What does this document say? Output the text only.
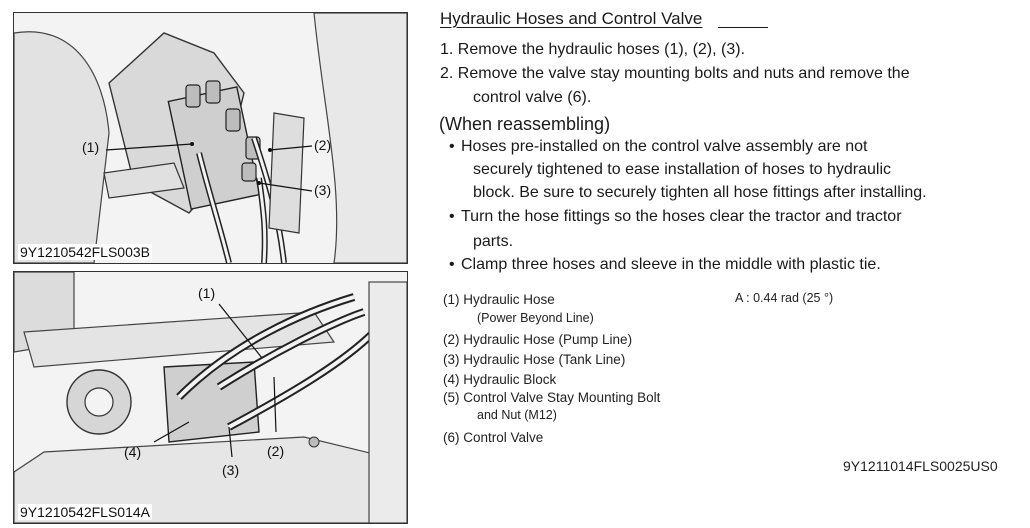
(1)	(2)
(3)
9Y1210542FLS003B
(1)
(2)
(3)
(4)
9Y1210542FLS014A
Hydraulic Hoses and Control Valve
1. Remove the hydraulic hoses (1), (2), (3).
2. Remove the valve stay mounting bolts and nuts and remove the
control valve (6).
(When reassembling)
• Hoses pre-installed on the control valve assembly are not
securely tightened to ease installation of hoses to hydraulic
block. Be sure to securely tighten all hose fittings after installing.
• Turn the hose fittings so the hoses clear the tractor and tractor
parts.
• Clamp three hoses and sleeve in the middle with plastic tie.
(1) Hydraulic Hose
(Power Beyond Line)
(2) Hydraulic Hose (Pump Line)
(3) Hydraulic Hose (Tank Line)
(4) Hydraulic Block
(5) Control Valve Stay Mounting Bolt
and Nut (M12)
(6) Control Valve
A : 0.44 rad (25 °)
9Y1211014FLS0025US0
